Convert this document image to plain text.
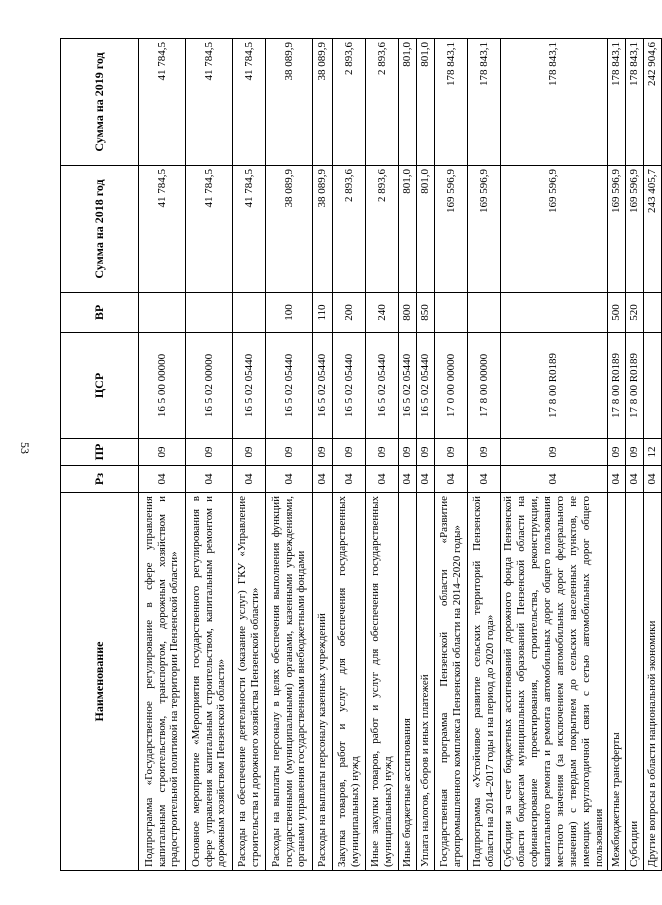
53
Наименование	Рз	ПР	ЦСР	ВР	Сумма на 2018 год	Сумма на 2019 год
Подпрограмма «Государственное регулирование в сфере управления капитальным строительством, транспортом, дорожным хозяйством и градостроительной политикой на территории Пензенской области»	04	09	16 5 00 00000		41 784,5	41 784,5
Основное мероприятие «Мероприятия государственного регулирования в сфере управления капитальным строительством, капитальным ремонтом и дорожным хозяйством Пензенской области»	04	09	16 5 02 00000		41 784,5	41 784,5
Расходы на обеспечение деятельности (оказание услуг) ГКУ «Управление строительства и дорожного хозяйства Пензенской области»	04	09	16 5 02 05440		41 784,5	41 784,5
Расходы на выплаты персоналу в целях обеспечения выполнения функций государственными (муниципальными) органами, казенными учреждениями, органами управления государственными внебюджетными фондами	04	09	16 5 02 05440	100	38 089,9	38 089,9
Расходы на выплаты персоналу казенных учреждений	04	09	16 5 02 05440	110	38 089,9	38 089,9
Закупка товаров, работ и услуг для обеспечения государственных (муниципальных) нужд	04	09	16 5 02 05440	200	2 893,6	2 893,6
Иные закупки товаров, работ и услуг для обеспечения государственных (муниципальных) нужд	04	09	16 5 02 05440	240	2 893,6	2 893,6
Иные бюджетные ассигнования	04	09	16 5 02 05440	800	801,0	801,0
Уплата налогов, сборов и иных платежей	04	09	16 5 02 05440	850	801,0	801,0
Государственная программа Пензенской области «Развитие агропромышленного комплекса Пензенской области на 2014–2020 годы»	04	09	17 0 00 00000		169 596,9	178 843,1
Подпрограмма «Устойчивое развитие сельских территорий Пензенской области на 2014–2017 годы и на период до 2020 года»	04	09	17 8 00 00000		169 596,9	178 843,1
Субсидии за счет бюджетных ассигнований дорожного фонда Пензенской области бюджетам муниципальных образований Пензенской области на софинансирование проектирования, строительства, реконструкции, капитального ремонта и ремонта автомобильных дорог общего пользования местного значения (за исключением автомобильных дорог федерального значения) с твердым покрытием до сельских населенных пунктов, не имеющих круглогодичной связи с сетью автомобильных дорог общего пользования	04	09	17 8 00 R0189		169 596,9	178 843,1
Межбюджетные трансферты	04	09	17 8 00 R0189	500	169 596,9	178 843,1
Субсидии	04	09	17 8 00 R0189	520	169 596,9	178 843,1
Другие вопросы в области национальной экономики	04	12			243 405,7	242 904,6
